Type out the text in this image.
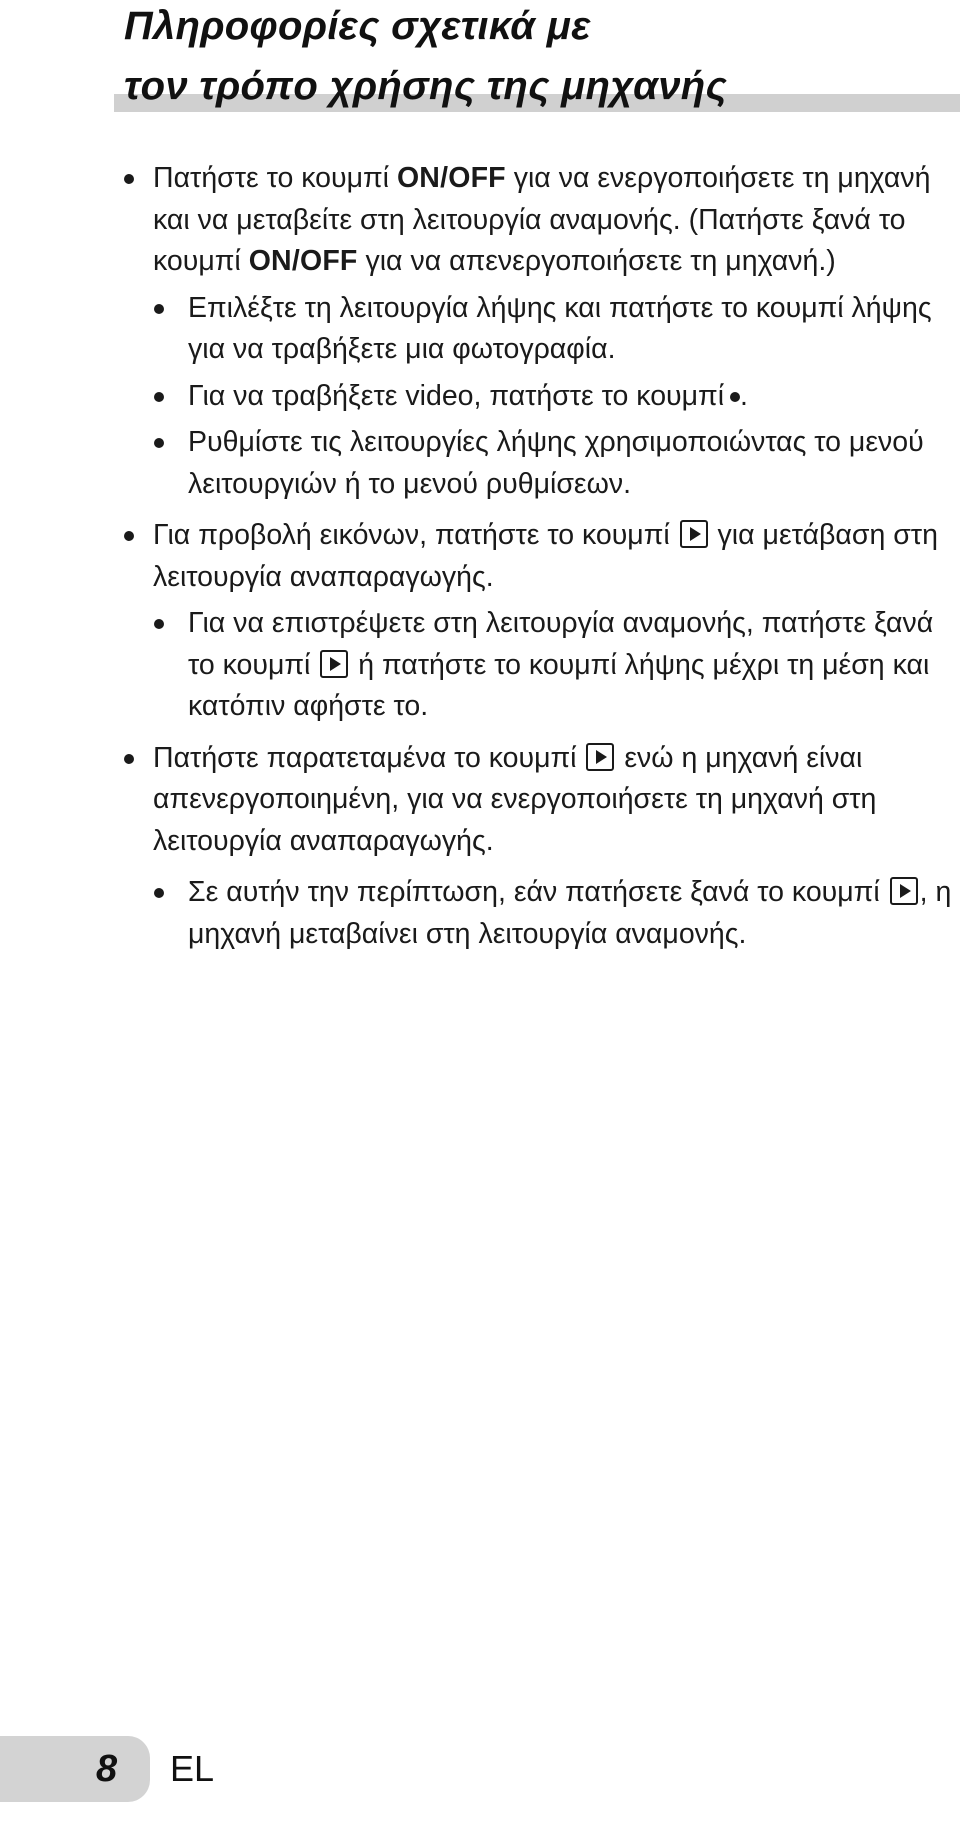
Πληροφορίες σχετικά με
τον τρόπο χρήσης της μηχανής
Πατήστε το κουμπί ON/OFF για να ενεργοποιήσετε τη μηχανή και να μεταβείτε στη λειτουργία αναμονής. (Πατήστε ξανά το κουμπί ON/OFF για να απενεργοποιήσετε τη μηχανή.)
Επιλέξτε τη λειτουργία λήψης και πατήστε το κουμπί λήψης για να τραβήξετε μια φωτογραφία.
Για να τραβήξετε video, πατήστε το κουμπί .
Ρυθμίστε τις λειτουργίες λήψης χρησιμοποιώντας το μενού λειτουργιών ή το μενού ρυθμίσεων.
Για προβολή εικόνων, πατήστε το κουμπί  για μετάβαση στη λειτουργία αναπαραγωγής.
Για να επιστρέψετε στη λειτουργία αναμονής, πατήστε ξανά το κουμπί  ή πατήστε το κουμπί λήψης μέχρι τη μέση και κατόπιν αφήστε το.
Πατήστε παρατεταμένα το κουμπί  ενώ η μηχανή είναι απενεργοποιημένη, για να ενεργοποιήσετε τη μηχανή στη λειτουργία αναπαραγωγής.
Σε αυτήν την περίπτωση, εάν πατήσετε ξανά το κουμπί , η μηχανή μεταβαίνει στη λειτουργία αναμονής.
8 EL
